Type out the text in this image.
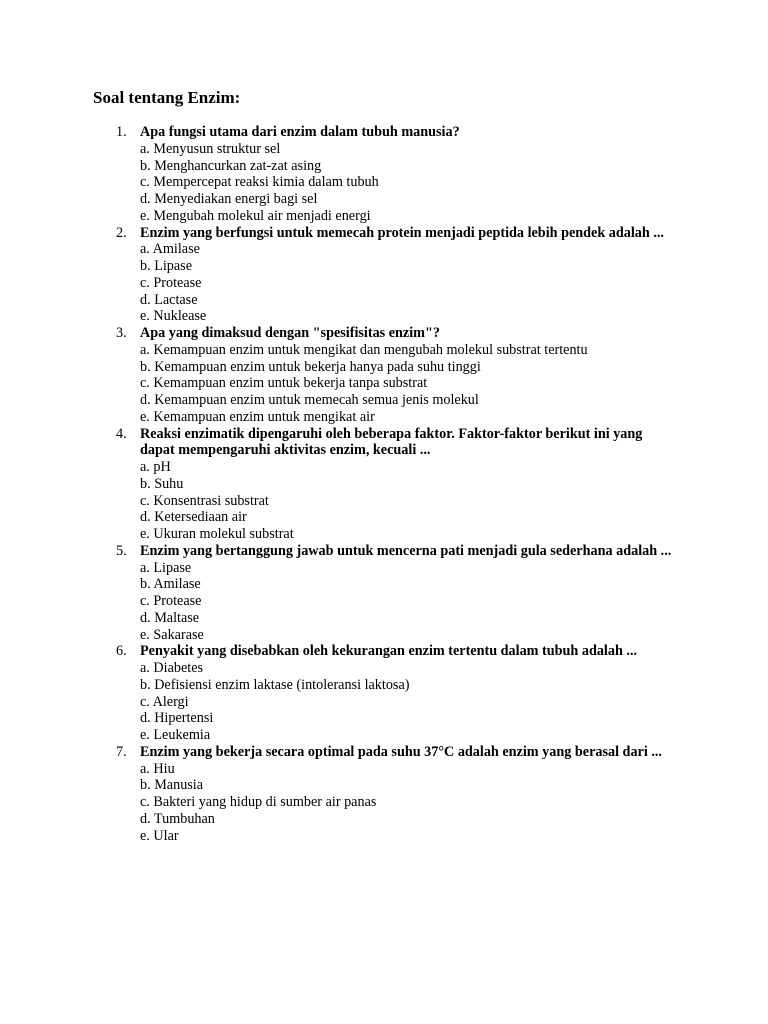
Soal tentang Enzim:
1. Apa fungsi utama dari enzim dalam tubuh manusia?
a. Menyusun struktur sel
b. Menghancurkan zat-zat asing
c. Mempercepat reaksi kimia dalam tubuh
d. Menyediakan energi bagi sel
e. Mengubah molekul air menjadi energi
2. Enzim yang berfungsi untuk memecah protein menjadi peptida lebih pendek adalah ...
a. Amilase
b. Lipase
c. Protease
d. Lactase
e. Nuklease
3. Apa yang dimaksud dengan "spesifisitas enzim"?
a. Kemampuan enzim untuk mengikat dan mengubah molekul substrat tertentu
b. Kemampuan enzim untuk bekerja hanya pada suhu tinggi
c. Kemampuan enzim untuk bekerja tanpa substrat
d. Kemampuan enzim untuk memecah semua jenis molekul
e. Kemampuan enzim untuk mengikat air
4. Reaksi enzimatik dipengaruhi oleh beberapa faktor. Faktor-faktor berikut ini yang dapat mempengaruhi aktivitas enzim, kecuali ...
a. pH
b. Suhu
c. Konsentrasi substrat
d. Ketersediaan air
e. Ukuran molekul substrat
5. Enzim yang bertanggung jawab untuk mencerna pati menjadi gula sederhana adalah ...
a. Lipase
b. Amilase
c. Protease
d. Maltase
e. Sakarase
6. Penyakit yang disebabkan oleh kekurangan enzim tertentu dalam tubuh adalah ...
a. Diabetes
b. Defisiensi enzim laktase (intoleransi laktosa)
c. Alergi
d. Hipertensi
e. Leukemia
7. Enzim yang bekerja secara optimal pada suhu 37°C adalah enzim yang berasal dari ...
a. Hiu
b. Manusia
c. Bakteri yang hidup di sumber air panas
d. Tumbuhan
e. Ular
